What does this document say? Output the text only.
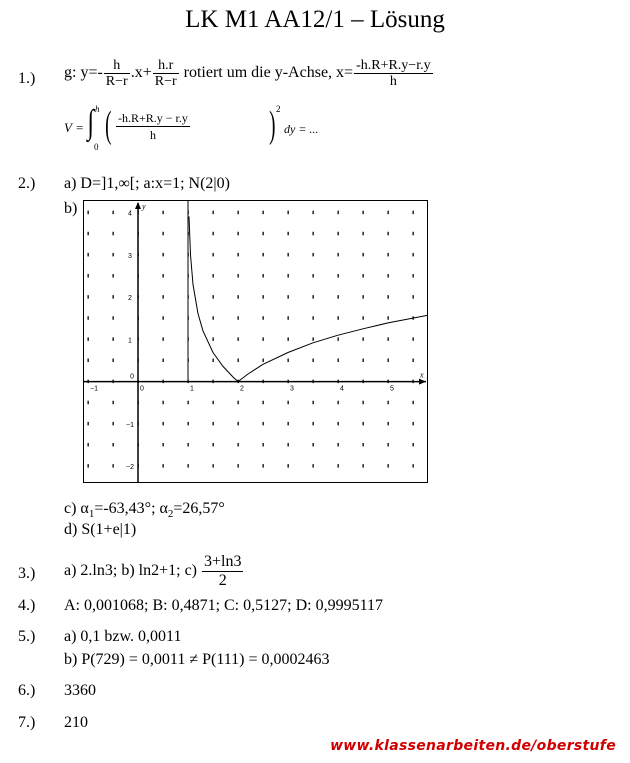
LK M1 AA12/1 – Lösung
1.) g: $y=- \frac{h}{R-r} .x+ \frac{h.r}{R-r}$ rotiert um die y-Achse, $x= \frac{-h.R+R.y-r.y}{h}$
V = ∫ h
0
( -h.R+R.y − r.y
h	) 2
dy = ...
2.) a) D=]1,∞[; a:x=1; N(2|0)
b)
x
y
−1	0	1	2	3	4	5
−2
−1
1
2
3
4
0
c) $\alpha_1=-63,43^\circ$; $\alpha_2=26,57^\circ$
d) S(1+e|1)
3.) a) 2.ln3; b) ln2+1; $c) \frac{3+\ln 3}{2}$
4.) A: 0,001068; B: 0,4871; C: 0,5127; D: 0,9995117
5.) a) 0,1 bzw. 0,0011
b) P(729) = 0,0011 ≠ P(111) = 0,0002463
6.) 3360
7.) 210
www.klassenarbeiten.de/oberstufe
